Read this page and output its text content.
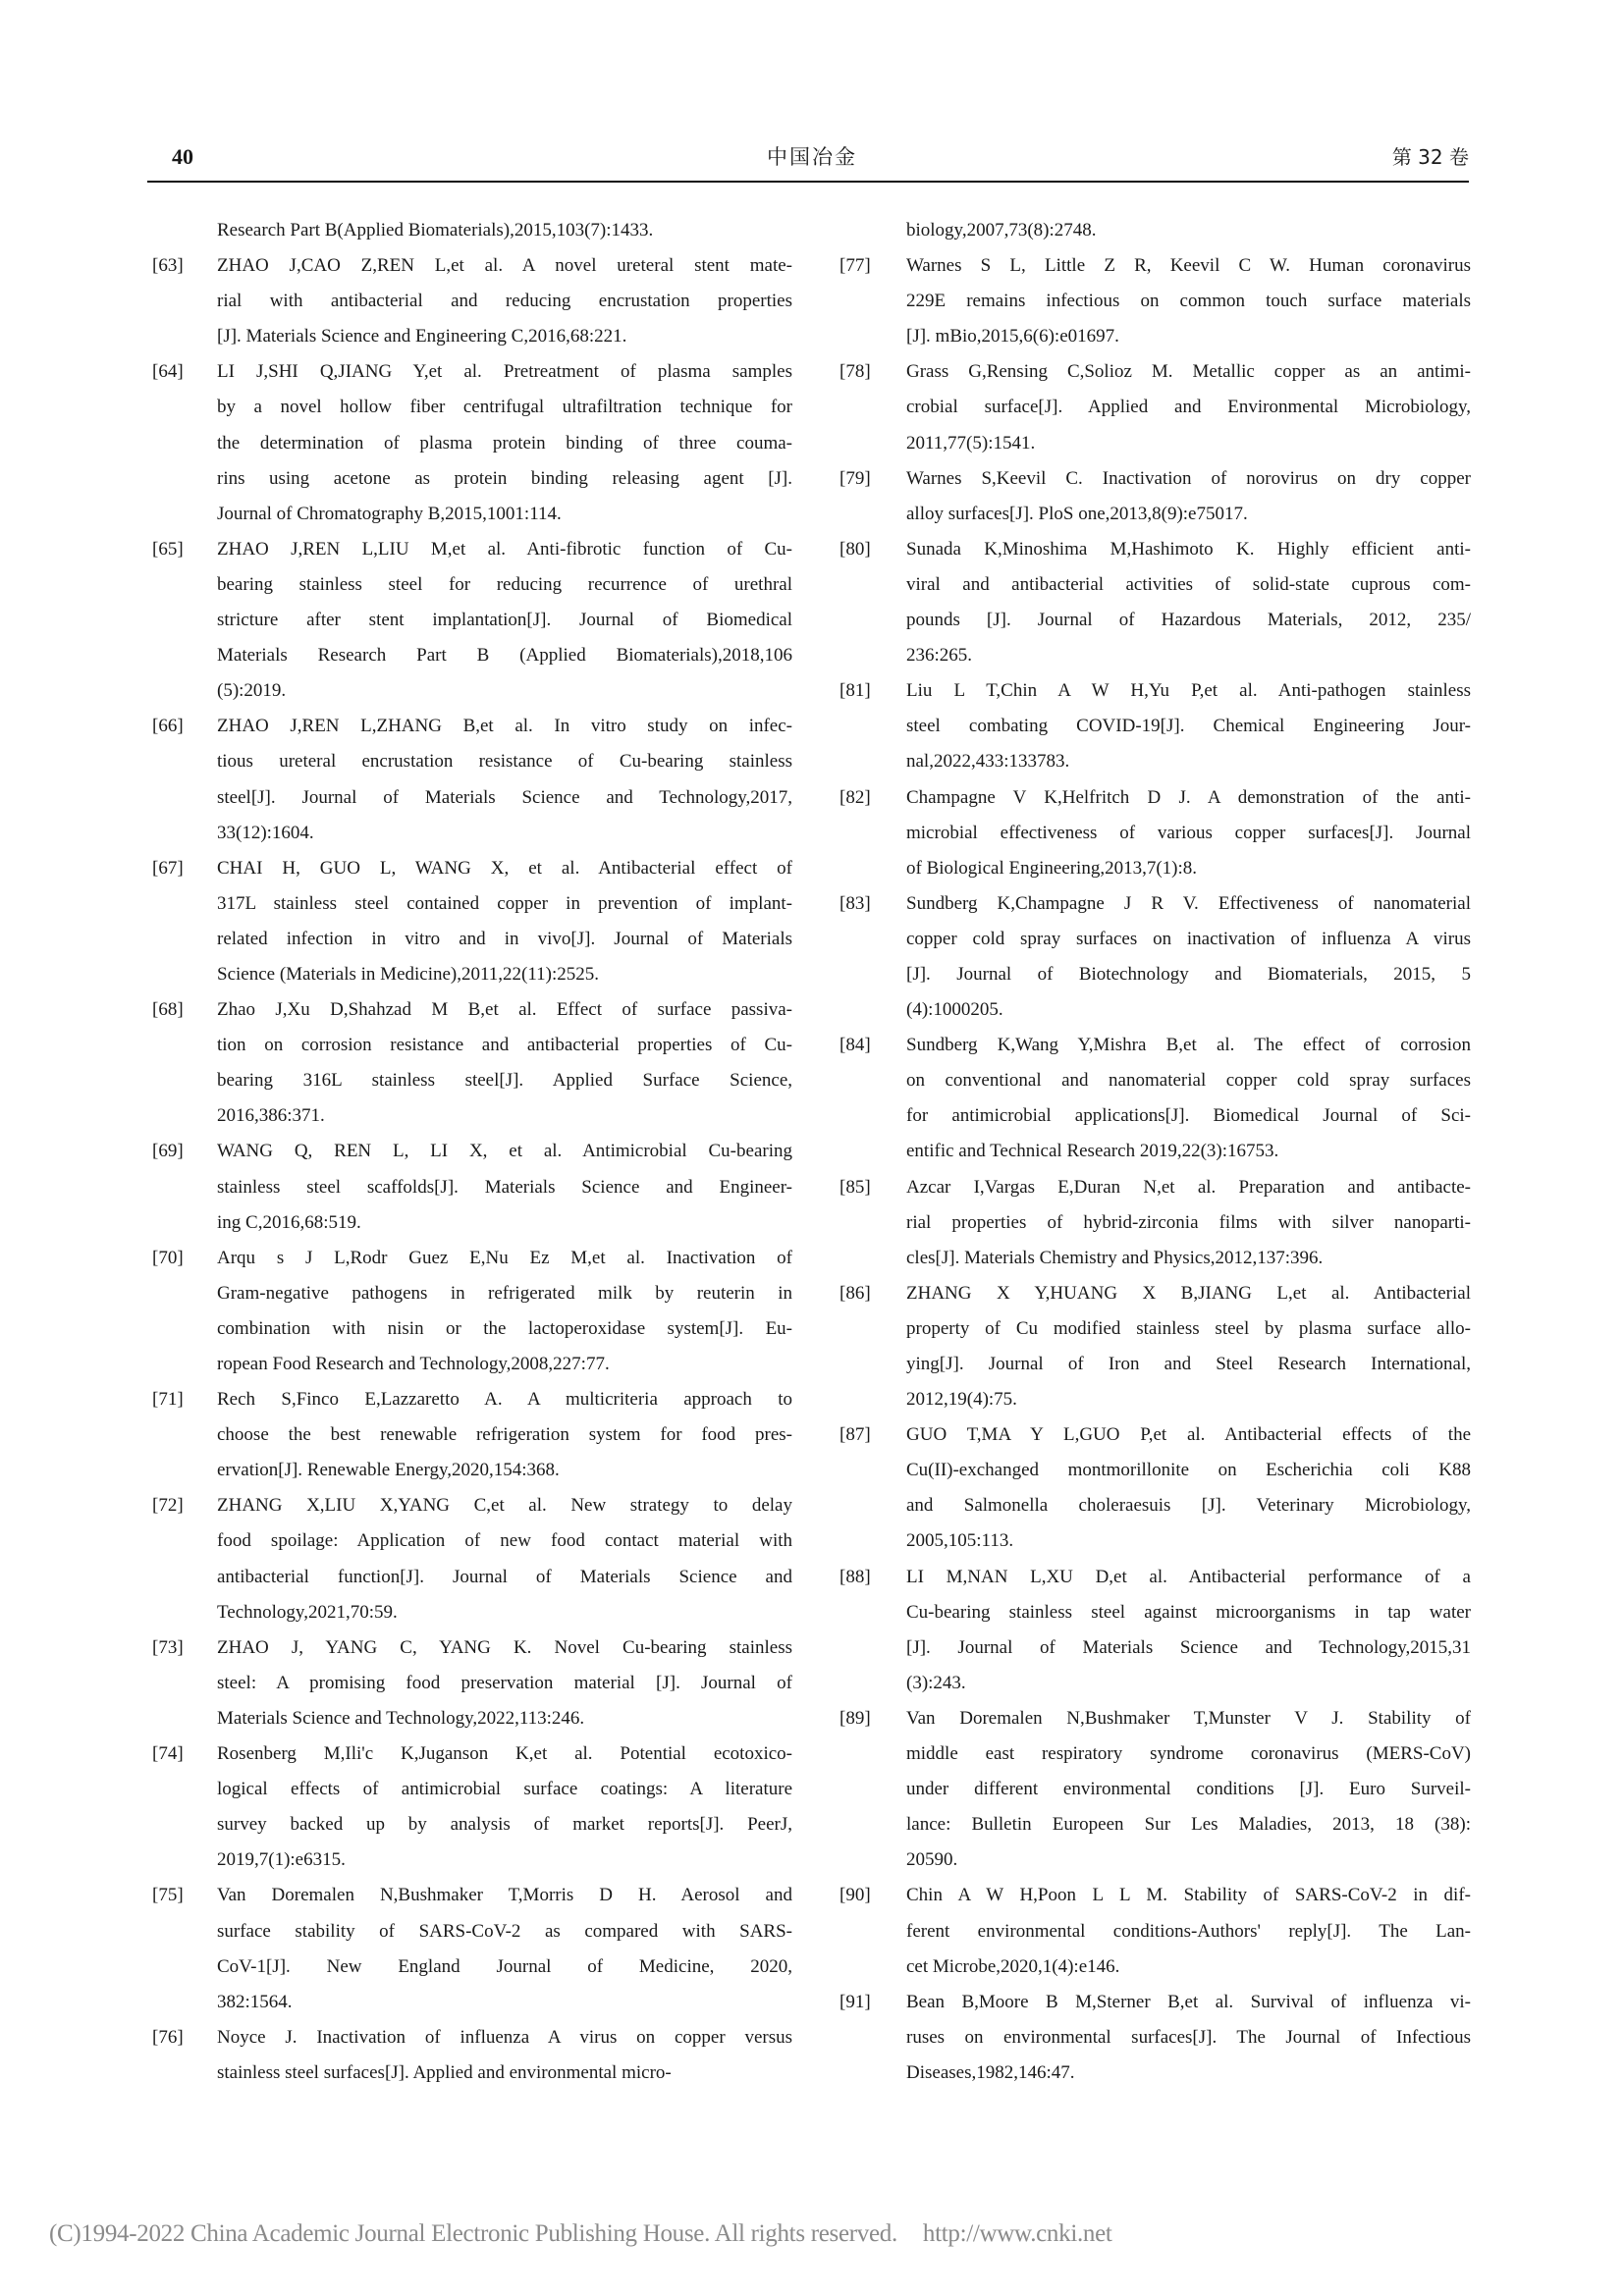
40	中国冶金	第 32 卷
Research Part B(Applied Biomaterials),2015,103(7):1433.
[63] ZHAO J,CAO Z,REN L,et al. A novel ureteral stent mate-
rial with antibacterial and reducing encrustation properties
[J]. Materials Science and Engineering C,2016,68:221.
[64] LI J,SHI Q,JIANG Y,et al. Pretreatment of plasma samples
by a novel hollow fiber centrifugal ultrafiltration technique for
the determination of plasma protein binding of three couma-
rins using acetone as protein binding releasing agent [J].
Journal of Chromatography B,2015,1001:114.
[65] ZHAO J,REN L,LIU M,et al. Anti-fibrotic function of Cu-
bearing stainless steel for reducing recurrence of urethral
stricture after stent implantation[J]. Journal of Biomedical
Materials Research Part B (Applied Biomaterials),2018,106
(5):2019.
[66] ZHAO J,REN L,ZHANG B,et al. In vitro study on infec-
tious ureteral encrustation resistance of Cu-bearing stainless
steel[J]. Journal of Materials Science and Technology,2017,
33(12):1604.
[67] CHAI H, GUO L, WANG X, et al. Antibacterial effect of
317L stainless steel contained copper in prevention of implant-
related infection in vitro and in vivo[J]. Journal of Materials
Science (Materials in Medicine),2011,22(11):2525.
[68] Zhao J,Xu D,Shahzad M B,et al. Effect of surface passiva-
tion on corrosion resistance and antibacterial properties of Cu-
bearing 316L stainless steel[J]. Applied Surface Science,
2016,386:371.
[69] WANG Q, REN L, LI X, et al. Antimicrobial Cu-bearing
stainless steel scaffolds[J]. Materials Science and Engineer-
ing C,2016,68:519.
[70] Arqu s J L,Rodr Guez E,Nu Ez M,et al. Inactivation of
Gram-negative pathogens in refrigerated milk by reuterin in
combination with nisin or the lactoperoxidase system[J]. Eu-
ropean Food Research and Technology,2008,227:77.
[71] Rech S,Finco E,Lazzaretto A. A multicriteria approach to
choose the best renewable refrigeration system for food pres-
ervation[J]. Renewable Energy,2020,154:368.
[72] ZHANG X,LIU X,YANG C,et al. New strategy to delay
food spoilage: Application of new food contact material with
antibacterial function[J]. Journal of Materials Science and
Technology,2021,70:59.
[73] ZHAO J, YANG C, YANG K. Novel Cu-bearing stainless
steel: A promising food preservation material [J]. Journal of
Materials Science and Technology,2022,113:246.
[74] Rosenberg M,Ili'c K,Juganson K,et al. Potential ecotoxico-
logical effects of antimicrobial surface coatings: A literature
survey backed up by analysis of market reports[J]. PeerJ,
2019,7(1):e6315.
[75] Van Doremalen N,Bushmaker T,Morris D H. Aerosol and
surface stability of SARS-CoV-2 as compared with SARS-
CoV-1[J]. New England Journal of Medicine, 2020,
382:1564.
[76] Noyce J. Inactivation of influenza A virus on copper versus
stainless steel surfaces[J]. Applied and environmental micro-
biology,2007,73(8):2748.
[77] Warnes S L, Little Z R, Keevil C W. Human coronavirus
229E remains infectious on common touch surface materials
[J]. mBio,2015,6(6):e01697.
[78] Grass G,Rensing C,Solioz M. Metallic copper as an antimi-
crobial surface[J]. Applied and Environmental Microbiology,
2011,77(5):1541.
[79] Warnes S,Keevil C. Inactivation of norovirus on dry copper
alloy surfaces[J]. PloS one,2013,8(9):e75017.
[80] Sunada K,Minoshima M,Hashimoto K. Highly efficient anti-
viral and antibacterial activities of solid-state cuprous com-
pounds [J]. Journal of Hazardous Materials, 2012, 235/
236:265.
[81] Liu L T,Chin A W H,Yu P,et al. Anti-pathogen stainless
steel combating COVID-19[J]. Chemical Engineering Jour-
nal,2022,433:133783.
[82] Champagne V K,Helfritch D J. A demonstration of the anti-
microbial effectiveness of various copper surfaces[J]. Journal
of Biological Engineering,2013,7(1):8.
[83] Sundberg K,Champagne J R V. Effectiveness of nanomaterial
copper cold spray surfaces on inactivation of influenza A virus
[J]. Journal of Biotechnology and Biomaterials, 2015, 5
(4):1000205.
[84] Sundberg K,Wang Y,Mishra B,et al. The effect of corrosion
on conventional and nanomaterial copper cold spray surfaces
for antimicrobial applications[J]. Biomedical Journal of Sci-
entific and Technical Research 2019,22(3):16753.
[85] Azcar I,Vargas E,Duran N,et al. Preparation and antibacte-
rial properties of hybrid-zirconia films with silver nanoparti-
cles[J]. Materials Chemistry and Physics,2012,137:396.
[86] ZHANG X Y,HUANG X B,JIANG L,et al. Antibacterial
property of Cu modified stainless steel by plasma surface allo-
ying[J]. Journal of Iron and Steel Research International,
2012,19(4):75.
[87] GUO T,MA Y L,GUO P,et al. Antibacterial effects of the
Cu(II)-exchanged montmorillonite on Escherichia coli K88
and Salmonella choleraesuis [J]. Veterinary Microbiology,
2005,105:113.
[88] LI M,NAN L,XU D,et al. Antibacterial performance of a
Cu-bearing stainless steel against microorganisms in tap water
[J]. Journal of Materials Science and Technology,2015,31
(3):243.
[89] Van Doremalen N,Bushmaker T,Munster V J. Stability of
middle east respiratory syndrome coronavirus (MERS-CoV)
under different environmental conditions [J]. Euro Surveil-
lance: Bulletin Europeen Sur Les Maladies, 2013, 18 (38):
20590.
[90] Chin A W H,Poon L L M. Stability of SARS-CoV-2 in dif-
ferent environmental conditions-Authors' reply[J]. The Lan-
cet Microbe,2020,1(4):e146.
[91] Bean B,Moore B M,Sterner B,et al. Survival of influenza vi-
ruses on environmental surfaces[J]. The Journal of Infectious
Diseases,1982,146:47.
(C)1994-2022 China Academic Journal Electronic Publishing House. All rights reserved. http://www.cnki.net
